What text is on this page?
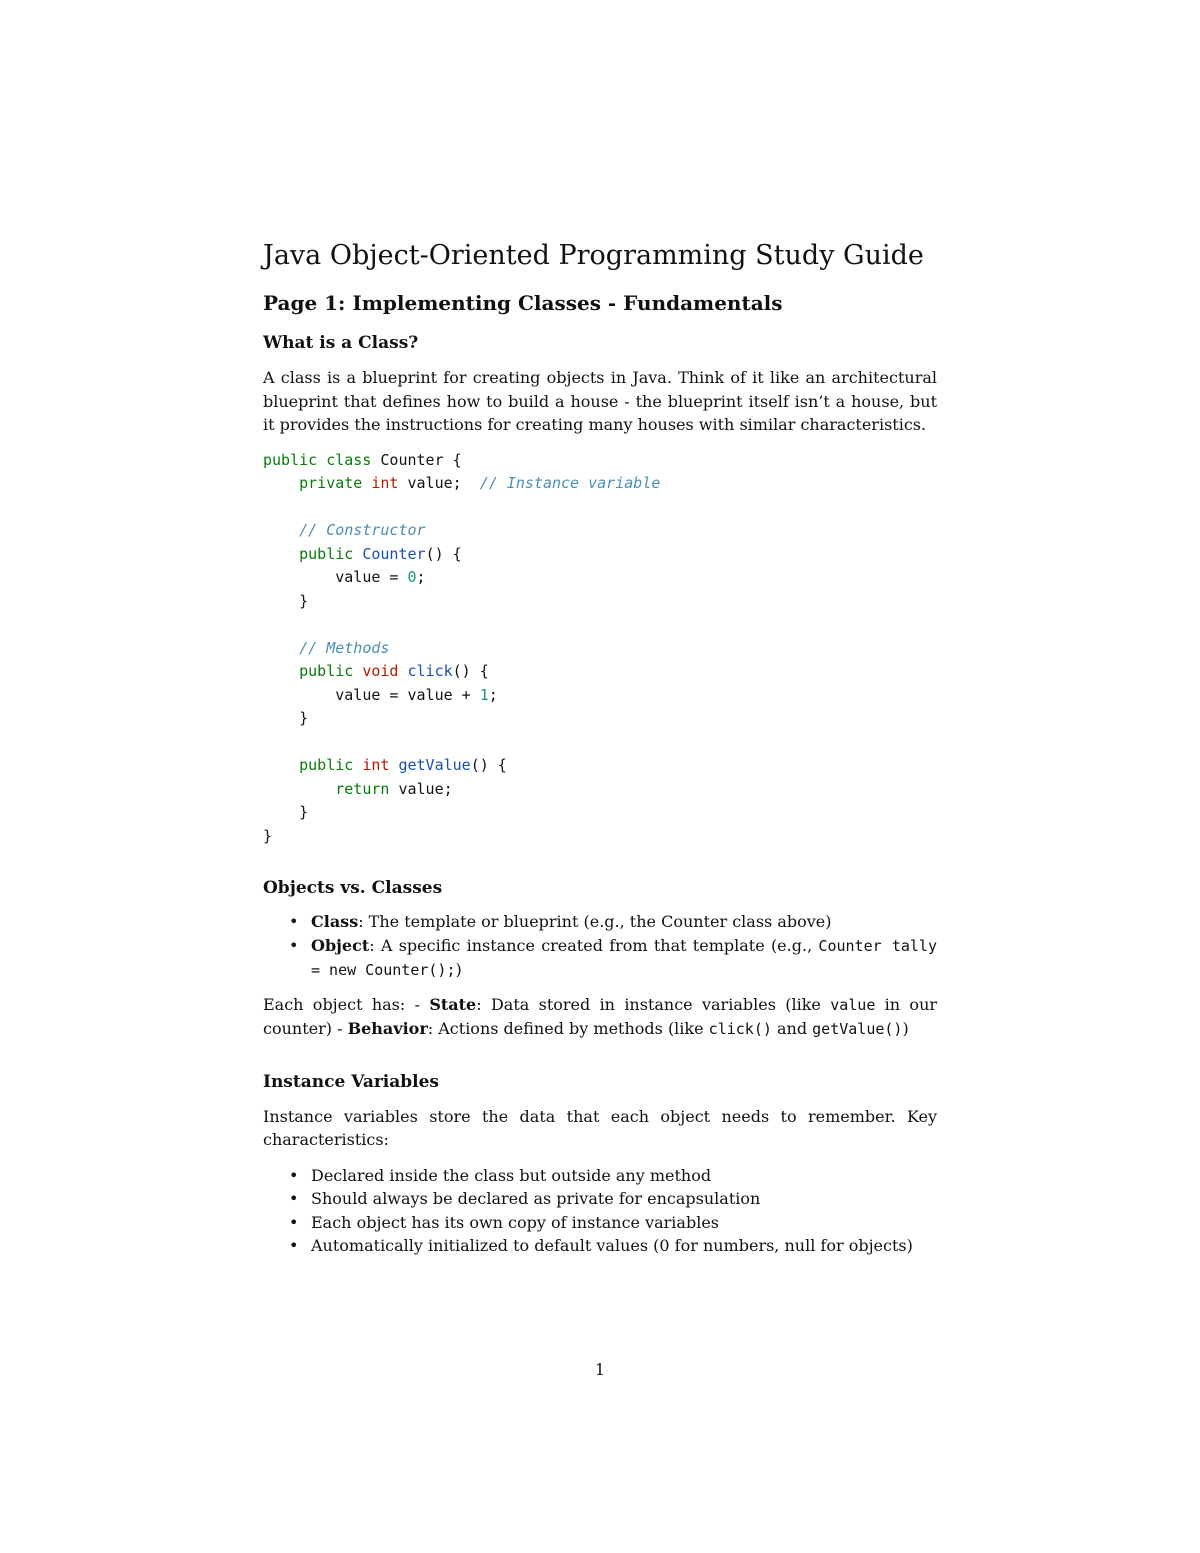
Java Object-Oriented Programming Study Guide
Page 1: Implementing Classes - Fundamentals
What is a Class?

A class is a blueprint for creating objects in Java. Think of it like an architectural blueprint that defines how to build a house - the blueprint itself isn’t a house, but it provides the instructions for creating many houses with similar characteristics.

public class Counter {
private int value;  // Instance variable

// Constructor
public Counter() {
value = 0;
}

// Methods
public void click() {
value = value + 1;
}

public int getValue() {
return value;
}
}
Objects vs. Classes
• Class: The template or blueprint (e.g., the Counter class above)
• Object: A specific instance created from that template (e.g., Counter tally = new Counter();)

Each object has: - State: Data stored in instance variables (like value in our counter) - Behavior: Actions defined by methods (like click() and getValue())

Instance Variables

Instance variables store the data that each object needs to remember. Key characteristics:

• Declared inside the class but outside any method
• Should always be declared as private for encapsulation
• Each object has its own copy of instance variables
• Automatically initialized to default values (0 for numbers, null for objects)
1
